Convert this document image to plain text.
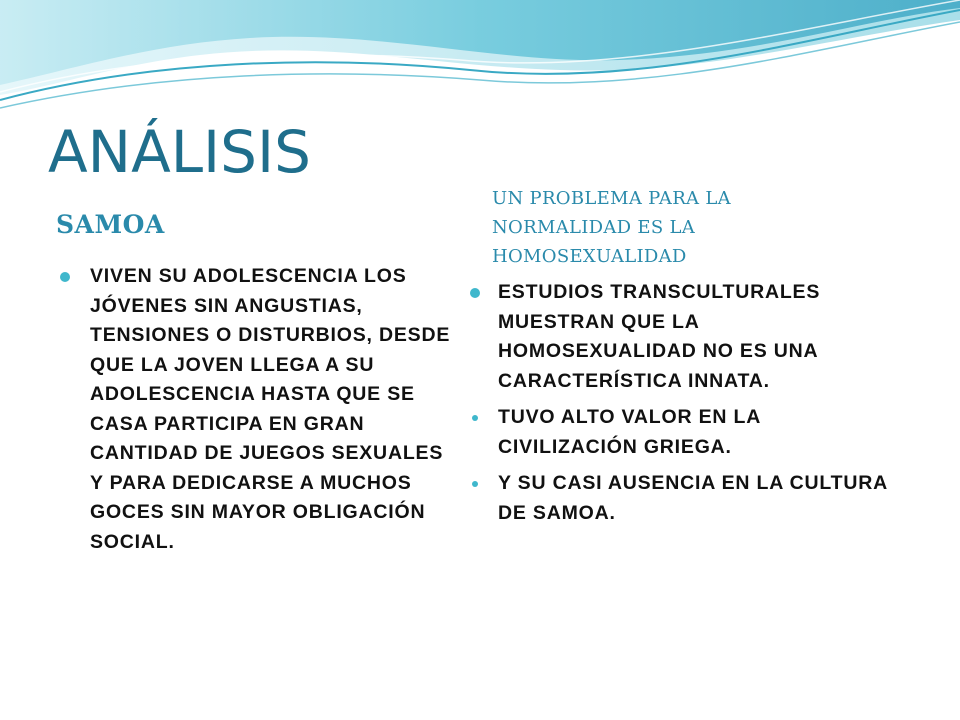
ANÁLISIS
SAMOA
UN PROBLEMA PARA LA NORMALIDAD ES LA HOMOSEXUALIDAD
VIVEN SU ADOLESCENCIA LOS JÓVENES SIN ANGUSTIAS, TENSIONES O DISTURBIOS, DESDE QUE LA JOVEN LLEGA A SU ADOLESCENCIA HASTA QUE SE CASA PARTICIPA EN GRAN CANTIDAD DE JUEGOS SEXUALES Y PARA DEDICARSE A MUCHOS GOCES SIN MAYOR OBLIGACIÓN SOCIAL.
ESTUDIOS TRANSCULTURALES MUESTRAN QUE LA HOMOSEXUALIDAD NO ES UNA CARACTERÍSTICA INNATA.
TUVO ALTO VALOR EN LA CIVILIZACIÓN GRIEGA.
Y SU CASI AUSENCIA EN LA CULTURA DE SAMOA.
